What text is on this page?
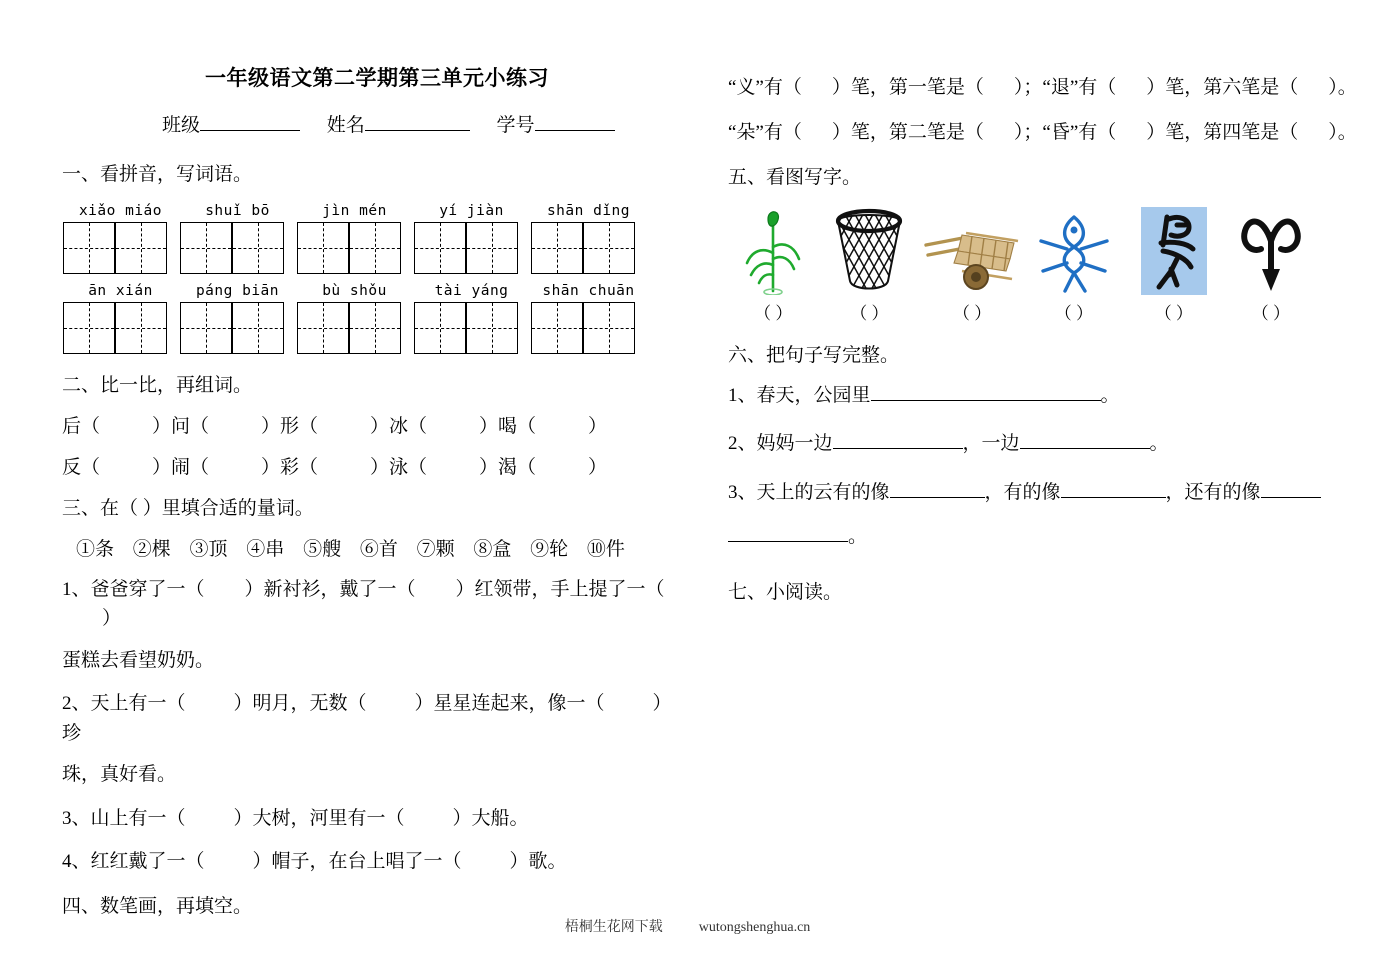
一年级语文第二学期第三单元小练习
班级	姓名	学号
一、看拼音，写词语。
xiǎo miáo	shuǐ bō	jìn mén	yí jiàn	shān dǐng
ān xián	páng biān	bù shǒu	tài yáng	shān chuān
二、比一比，再组词。
后（	） 问（	） 形（	） 冰（	） 喝（	）
反（	） 闹（	） 彩（	） 泳（	） 渴（	）
三、在（ ）里填合适的量词。
①条 ②棵 ③顶 ④串 ⑤艘 ⑥首 ⑦颗 ⑧盒 ⑨轮 ⑩件
1、爸爸穿了一（ ）新衬衫，戴了一（ ）红领带，手上提了一（）
蛋糕去看望奶奶。
2、天上有一（	）明月，无数（	）星星连起来，像一（	）珍
珠，真好看。
3、山上有一（	）大树，河里有一（	）大船。
4、红红戴了一（	）帽子，在台上唱了一（	）歌。
四、数笔画，再填空。
“义”有（ ）笔，第一笔是（ ）；“退”有（ ）笔，第六笔是（ ）。
“朵”有（ ）笔，第二笔是（ ）；“昏”有（ ）笔，第四笔是（ ）。
五、看图写字。
（ ）	（ ）	（ ）	（ ）	（ ）	（ ）
六、把句子写完整。
1、春天，公园里	。
2、妈妈一边	，一边	。
3、天上的云有的像	，有的像	，还有的像
。
七、小阅读。
梧桐生花网下载	wutongshenghua.cn
